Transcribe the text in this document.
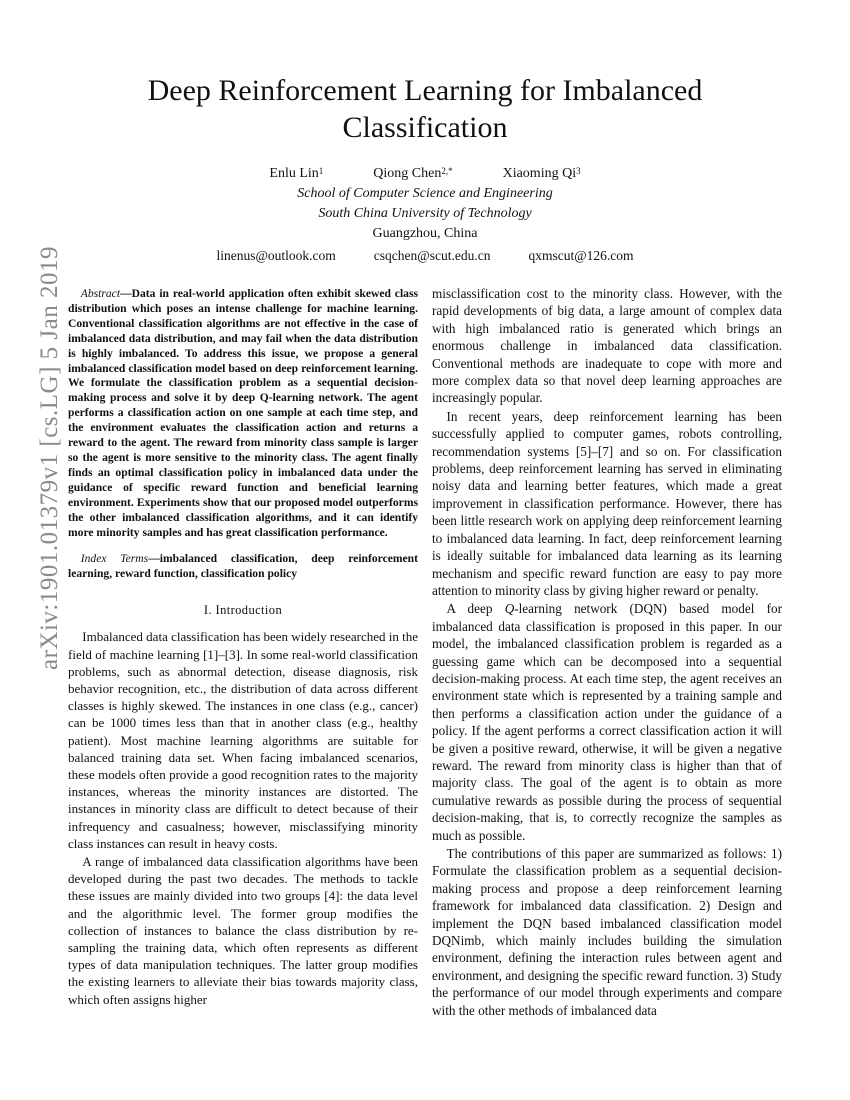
arXiv:1901.01379v1 [cs.LG] 5 Jan 2019
Deep Reinforcement Learning for Imbalanced Classification
Enlu Lin$^1$	Qiong Chen$^{2,*}$	Xiaoming Qi$^3$
School of Computer Science and Engineering
South China University of Technology
Guangzhou, China
linenus@outlook.com	csqchen@scut.edu.cn	qxmscut@126.com

Abstract—Data in real-world application often exhibit skewed class distribution which poses an intense challenge for machine learning. Conventional classification algorithms are not effective in the case of imbalanced data distribution, and may fail when the data distribution is highly imbalanced. To address this issue, we propose a general imbalanced classification model based on deep reinforcement learning. We formulate the classification problem as a sequential decision-making process and solve it by deep Q-learning network. The agent performs a classification action on one sample at each time step, and the environment evaluates the classification action and returns a reward to the agent. The reward from minority class sample is larger so the agent is more sensitive to the minority class. The agent finally finds an optimal classification policy in imbalanced data under the guidance of specific reward function and beneficial learning environment. Experiments show that our proposed model outperforms the other imbalanced classification algorithms, and it can identify more minority samples and has great classification performance.

Index Terms—imbalanced classification, deep reinforcement learning, reward function, classification policy

I. Introduction

Imbalanced data classification has been widely researched in the field of machine learning [1]–[3]. In some real-world classification problems, such as abnormal detection, disease diagnosis, risk behavior recognition, etc., the distribution of data across different classes is highly skewed. The instances in one class (e.g., cancer) can be 1000 times less than that in another class (e.g., healthy patient). Most machine learning algorithms are suitable for balanced training data set. When facing imbalanced scenarios, these models often provide a good recognition rates to the majority instances, whereas the minority instances are distorted. The instances in minority class are difficult to detect because of their infrequency and casualness; however, misclassifying minority class instances can result in heavy costs.

A range of imbalanced data classification algorithms have been developed during the past two decades. The methods to tackle these issues are mainly divided into two groups [4]: the data level and the algorithmic level. The former group modifies the collection of instances to balance the class distribution by re-sampling the training data, which often represents as different types of data manipulation techniques. The latter group modifies the existing learners to alleviate their bias towards majority class, which often assigns higher

misclassification cost to the minority class. However, with the rapid developments of big data, a large amount of complex data with high imbalanced ratio is generated which brings an enormous challenge in imbalanced data classification. Conventional methods are inadequate to cope with more and more complex data so that novel deep learning approaches are increasingly popular.

In recent years, deep reinforcement learning has been successfully applied to computer games, robots controlling, recommendation systems [5]–[7] and so on. For classification problems, deep reinforcement learning has served in eliminating noisy data and learning better features, which made a great improvement in classification performance. However, there has been little research work on applying deep reinforcement learning to imbalanced data learning. In fact, deep reinforcement learning is ideally suitable for imbalanced data learning as its learning mechanism and specific reward function are easy to pay more attention to minority class by giving higher reward or penalty.

A deep Q-learning network (DQN) based model for imbalanced data classification is proposed in this paper. In our model, the imbalanced classification problem is regarded as a guessing game which can be decomposed into a sequential decision-making process. At each time step, the agent receives an environment state which is represented by a training sample and then performs a classification action under the guidance of a policy. If the agent performs a correct classification action it will be given a positive reward, otherwise, it will be given a negative reward. The reward from minority class is higher than that of majority class. The goal of the agent is to obtain as more cumulative rewards as possible during the process of sequential decision-making, that is, to correctly recognize the samples as much as possible.

The contributions of this paper are summarized as follows: 1) Formulate the classification problem as a sequential decision-making process and propose a deep reinforcement learning framework for imbalanced data classification. 2) Design and implement the DQN based imbalanced classification model DQNimb, which mainly includes building the simulation environment, defining the interaction rules between agent and environment, and designing the specific reward function. 3) Study the performance of our model through experiments and compare with the other methods of imbalanced data
